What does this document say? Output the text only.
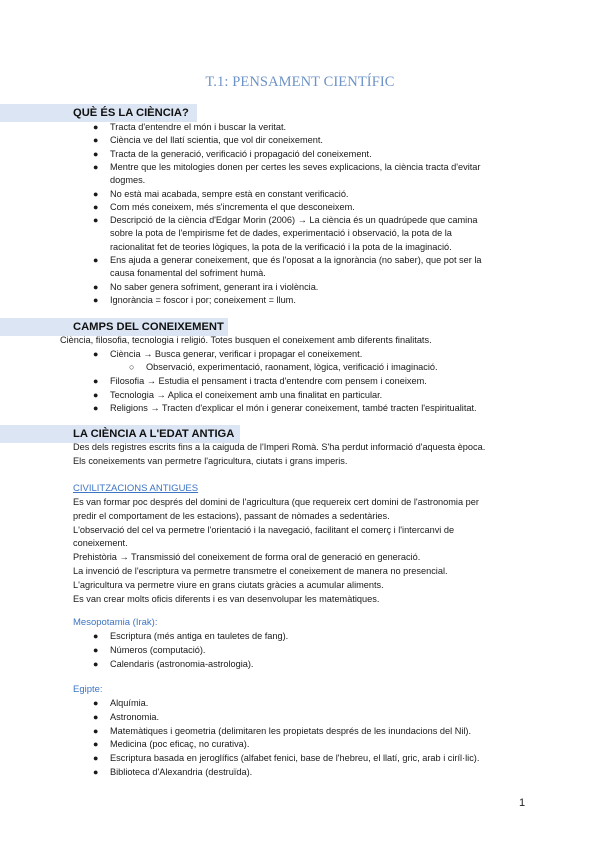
T.1: PENSAMENT CIENTÍFIC
QUÈ ÉS LA CIÈNCIA?
● Tracta d'entendre el món i buscar la veritat.
● Ciència ve del llatí scientia, que vol dir coneixement.
● Tracta de la generació, verificació i propagació del coneixement.
● Mentre que les mitologies donen per certes les seves explicacions, la ciència tracta d'evitar
dogmes.
● No està mai acabada, sempre està en constant verificació.
● Com més coneixem, més s'incrementa el que desconeixem.
● Descripció de la ciència d'Edgar Morin (2006) → La ciència és un quadrúpede que camina
sobre la pota de l'empirisme fet de dades, experimentació i observació, la pota de la
racionalitat fet de teories lògiques, la pota de la verificació i la pota de la imaginació.
● Ens ajuda a generar coneixement, que és l'oposat a la ignorància (no saber), que pot ser la
causa fonamental del sofriment humà.
● No saber genera sofriment, generant ira i violència.
● Ignorància = foscor i por; coneixement = llum.
CAMPS DEL CONEIXEMENT
Ciència, filosofia, tecnologia i religió. Totes busquen el coneixement amb diferents finalitats.
● Ciència → Busca generar, verificar i propagar el coneixement.
● Filosofia → Estudia el pensament i tracta d'entendre com pensem i coneixem.
● Tecnologia → Aplica el coneixement amb una finalitat en particular.
● Religions → Tracten d'explicar el món i generar coneixement, també tracten l'espiritualitat.
○ Observació, experimentació, raonament, lògica, verificació i imaginació.
LA CIÈNCIA A L'EDAT ANTIGA
Des dels registres escrits fins a la caiguda de l'Imperi Romà. S'ha perdut informació d'aquesta època.
Els coneixements van permetre l'agricultura, ciutats i grans imperis.
CIVILITZACIONS ANTIGUES
Es van formar poc després del domini de l'agricultura (que requereix cert domini de l'astronomia per
predir el comportament de les estacions), passant de nòmades a sedentàries.
L'observació del cel va permetre l'orientació i la navegació, facilitant el comerç i l'intercanvi de
coneixement.
Prehistòria → Transmissió del coneixement de forma oral de generació en generació.
La invenció de l'escriptura va permetre transmetre el coneixement de manera no presencial.
L'agricultura va permetre viure en grans ciutats gràcies a acumular aliments.
Es van crear molts oficis diferents i es van desenvolupar les matemàtiques.
Mesopotamia (Irak):
● Escriptura (més antiga en tauletes de fang).
● Números (computació).
● Calendaris (astronomia-astrologia).
Egipte:
● Alquímia.
● Astronomia.
● Matemàtiques i geometria (delimitaren les propietats després de les inundacions del Nil).
● Medicina (poc eficaç, no curativa).
● Escriptura basada en jeroglífics (alfabet fenici, base de l'hebreu, el llatí, gric, arab i ciríl·lic).
● Biblioteca d'Alexandria (destruïda).
1
